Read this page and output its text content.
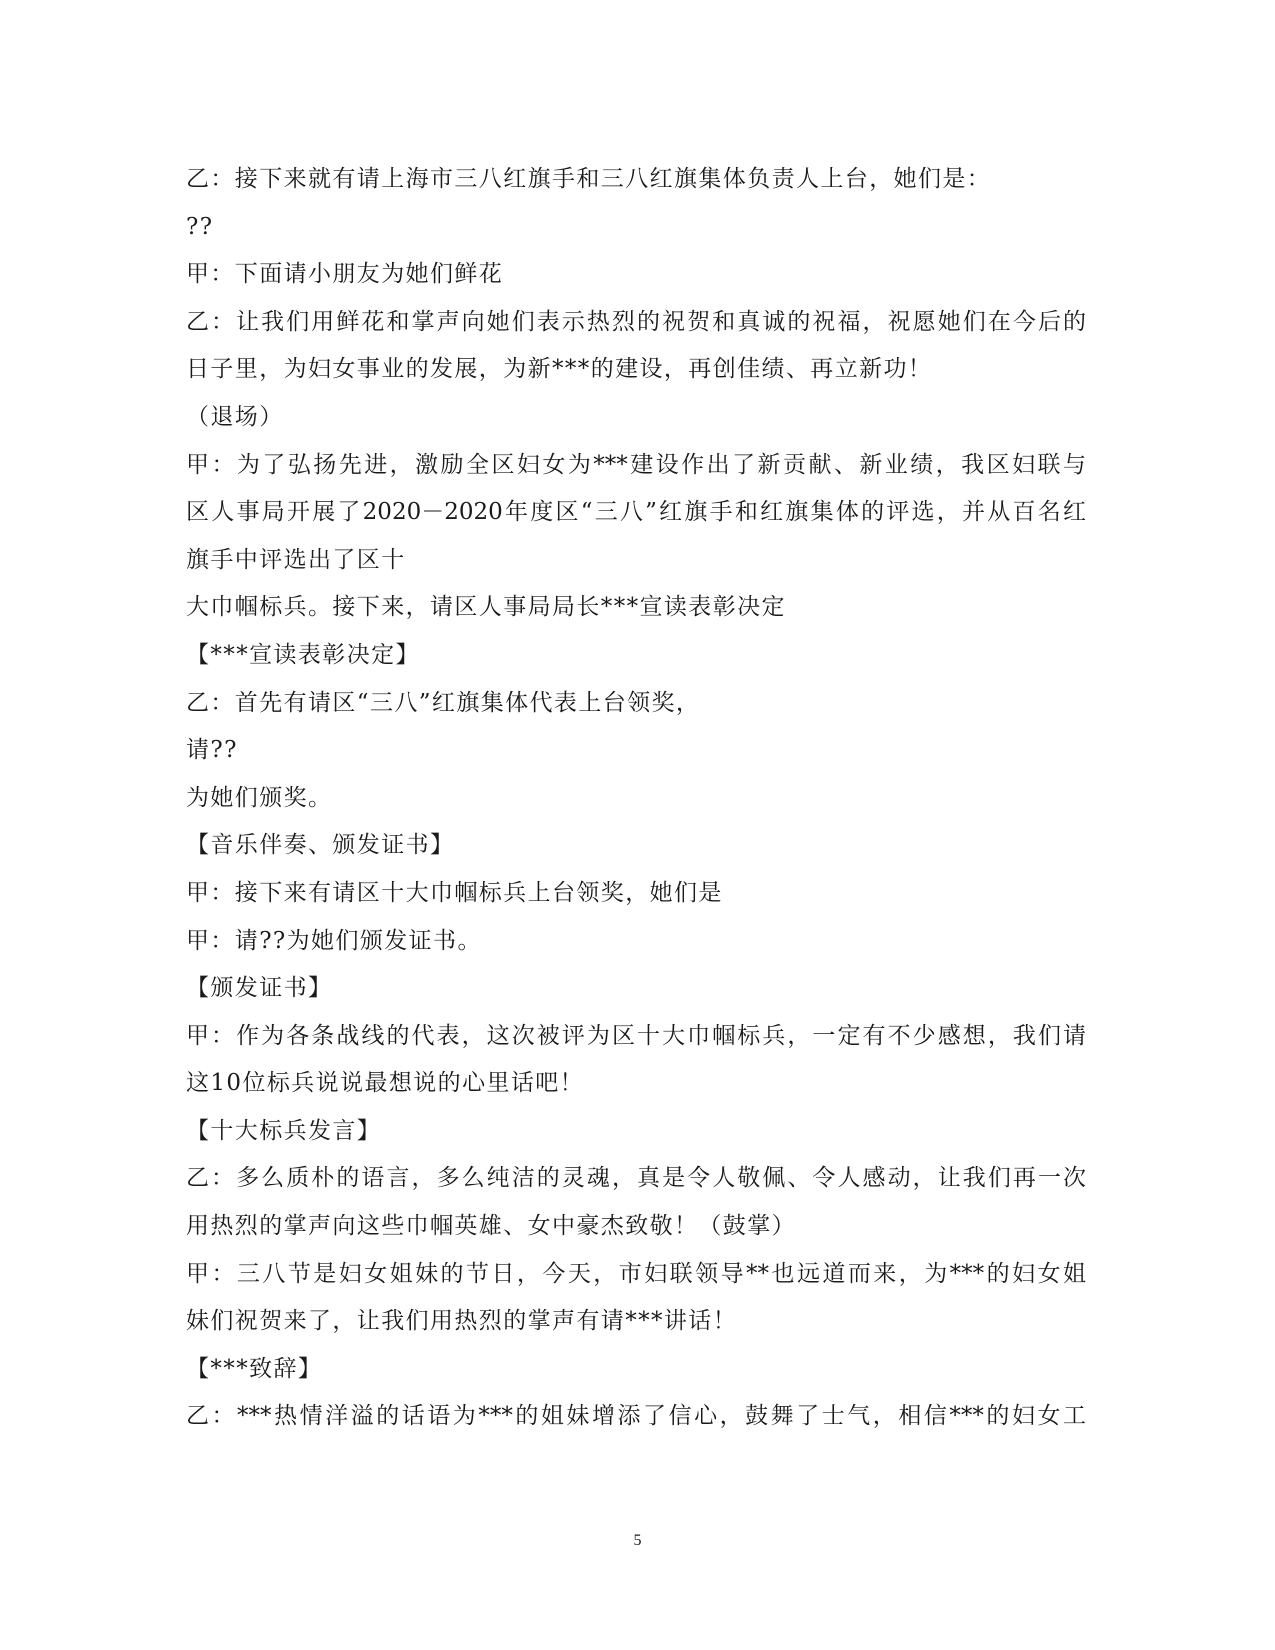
乙：接下来就有请上海市三八红旗手和三八红旗集体负责人上台，她们是：
??
甲：下面请小朋友为她们鲜花
乙：让我们用鲜花和掌声向她们表示热烈的祝贺和真诚的祝福，祝愿她们在今后的
日子里，为妇女事业的发展，为新***的建设，再创佳绩、再立新功！
（退场）
甲：为了弘扬先进，激励全区妇女为***建设作出了新贡献、新业绩，我区妇联与
区人事局开展了2020－2020年度区“三八”红旗手和红旗集体的评选，并从百名红
旗手中评选出了区十
大巾帼标兵。接下来，请区人事局局长***宣读表彰决定
【***宣读表彰决定】
乙：首先有请区“三八”红旗集体代表上台领奖，
请??
为她们颁奖。
【音乐伴奏、颁发证书】
甲：接下来有请区十大巾帼标兵上台领奖，她们是
甲：请??为她们颁发证书。
【颁发证书】
甲：作为各条战线的代表，这次被评为区十大巾帼标兵，一定有不少感想，我们请
这10位标兵说说最想说的心里话吧！
【十大标兵发言】
乙：多么质朴的语言，多么纯洁的灵魂，真是令人敬佩、令人感动，让我们再一次
用热烈的掌声向这些巾帼英雄、女中豪杰致敬！（鼓掌）
甲：三八节是妇女姐妹的节日，今天，市妇联领导**也远道而来，为***的妇女姐
妹们祝贺来了，让我们用热烈的掌声有请***讲话！
【***致辞】
乙：***热情洋溢的话语为***的姐妹增添了信心，鼓舞了士气，相信***的妇女工
5
